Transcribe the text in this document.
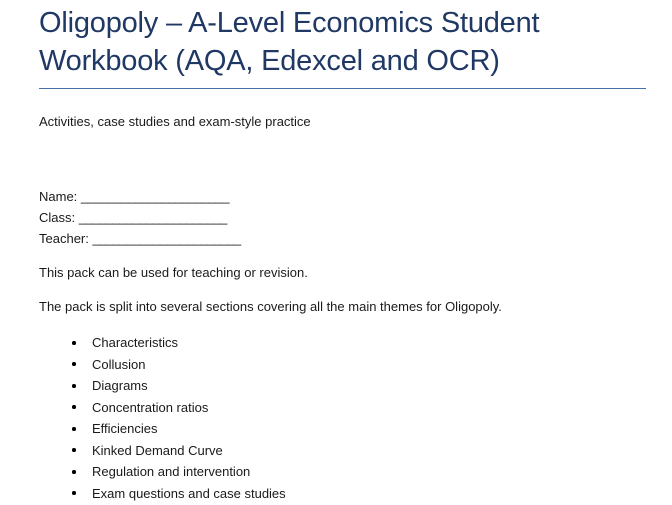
Oligopoly – A-Level Economics Student Workbook (AQA, Edexcel and OCR)
Activities, case studies and exam-style practice
Name: ______________________
Class: ______________________
Teacher: ______________________
This pack can be used for teaching or revision.
The pack is split into several sections covering all the main themes for Oligopoly.
Characteristics
Collusion
Diagrams
Concentration ratios
Efficiencies
Kinked Demand Curve
Regulation and intervention
Exam questions and case studies
